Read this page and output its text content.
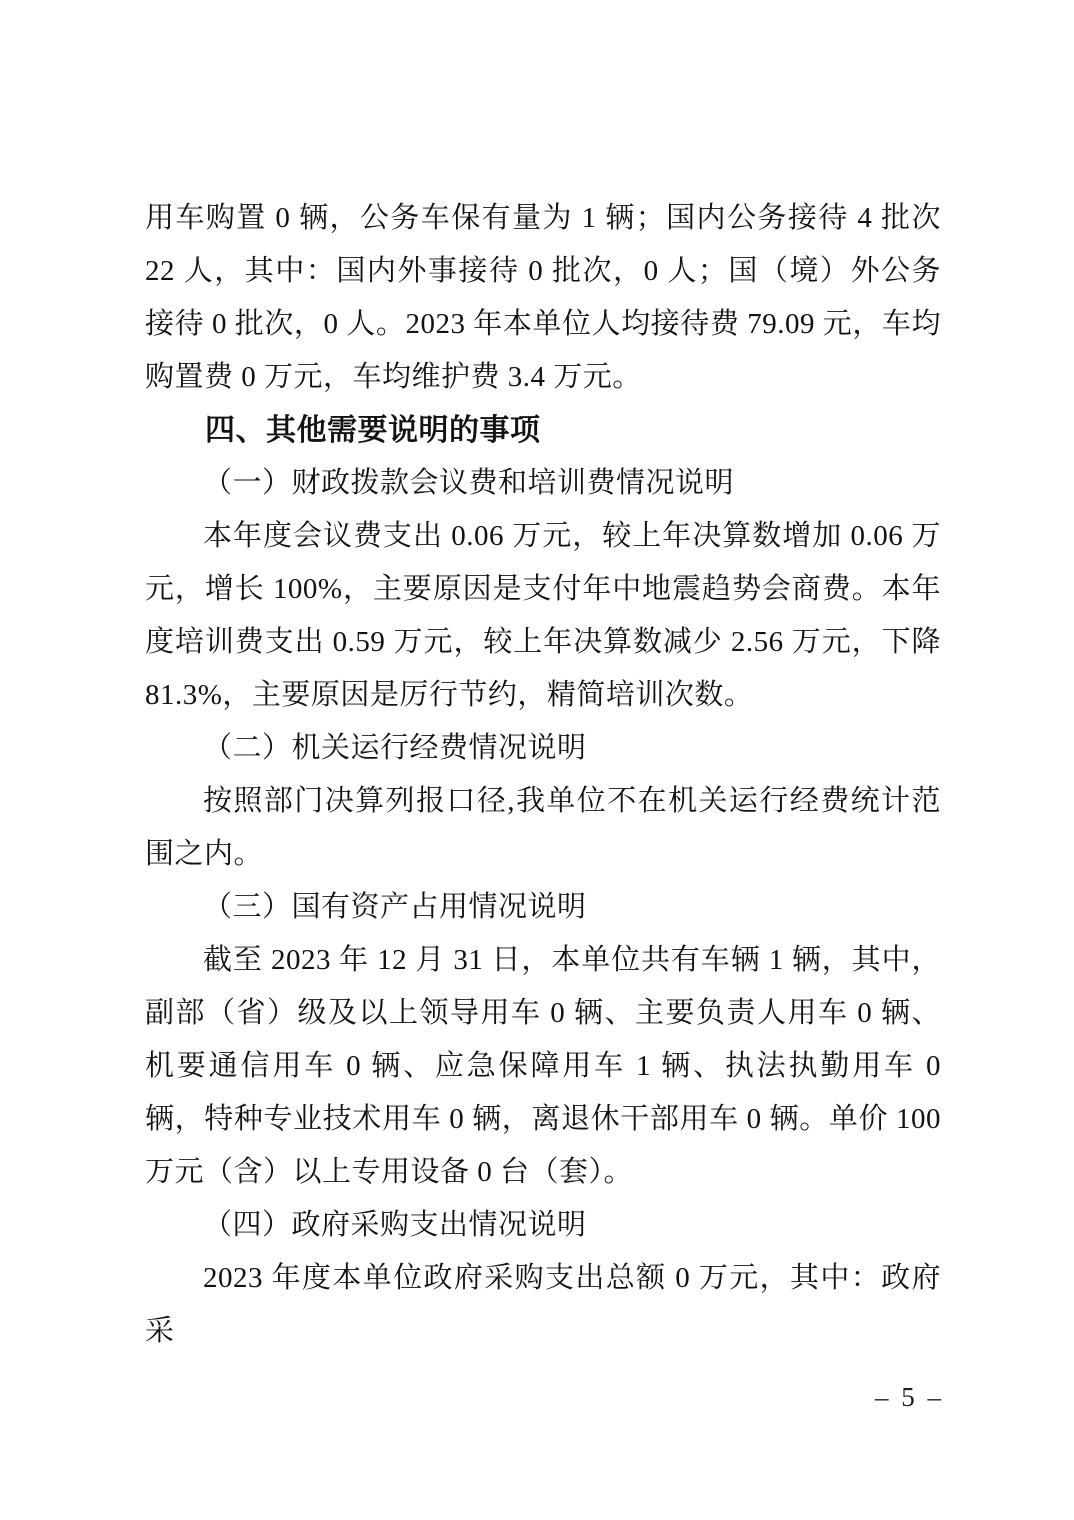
用车购置 0 辆，公务车保有量为 1 辆；国内公务接待 4 批次 22 人，其中：国内外事接待 0 批次，0 人；国（境）外公务接待 0 批次，0 人。2023 年本单位人均接待费 79.09 元，车均购置费 0 万元，车均维护费 3.4 万元。

四、其他需要说明的事项

（一）财政拨款会议费和培训费情况说明

本年度会议费支出 0.06 万元，较上年决算数增加 0.06 万元，增长 100%，主要原因是支付年中地震趋势会商费。本年度培训费支出 0.59 万元，较上年决算数减少 2.56 万元，下降 81.3%，主要原因是厉行节约，精简培训次数。

（二）机关运行经费情况说明

按照部门决算列报口径,我单位不在机关运行经费统计范围之内。

（三）国有资产占用情况说明

截至 2023 年 12 月 31 日，本单位共有车辆 1 辆，其中，副部（省）级及以上领导用车 0 辆、主要负责人用车 0 辆、机要通信用车 0 辆、应急保障用车 1 辆、执法执勤用车 0 辆，特种专业技术用车 0 辆，离退休干部用车 0 辆。单价 100 万元（含）以上专用设备 0 台（套）。

（四）政府采购支出情况说明

2023 年度本单位政府采购支出总额 0 万元，其中：政府采

– 5 –
